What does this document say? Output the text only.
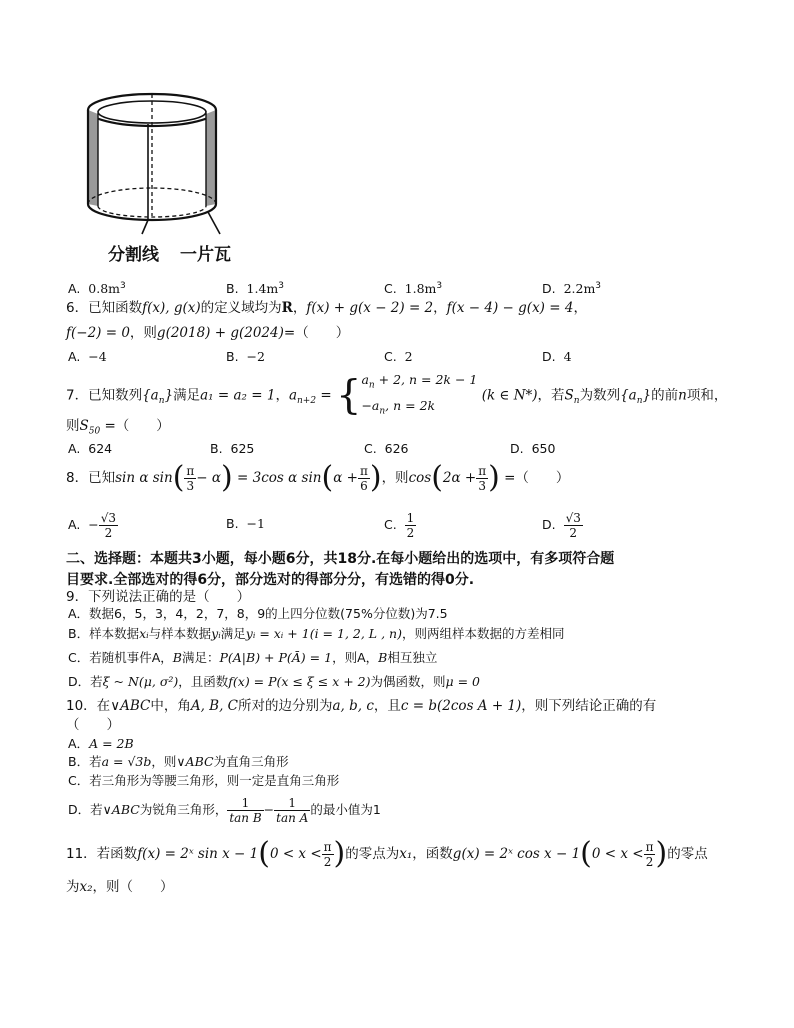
分割线 一片瓦
A. $0.8m^3$	B. $1.4m^3$	C. $1.8m^3$	D. $2.2m^3$
6．已知函数f(x), g(x)的定义域均为R，f(x) + g(x − 2) = 2，f(x − 4) − g(x) = 4，
f(−2) = 0，则g(2018) + g(2024)=（　　）
A. −4	B. −2	C. 2	D. 4
7．已知数列$\{a_n\}$满足a₁ = a₂ = 1，$a_{n+2}$ = { $a_n + 2$, n = 2k − 1
$-a_n$, n = 2k
(k ∈ N*)，若$S_n$为数列$\{a_n\}$的前n项和，
则$S_{50}$ =（　　）
A. 624	B. 625	C. 626	D. 650
8．已知sin α $\sin( \frac{\pi}{3} - \alpha) = 3\cos$ α $\sin(\alpha + \frac{\pi}{6}$ )，则$\cos(2\alpha + \frac{\pi}{3}$ ) =（　　）
A. − $\frac{√3}{2}$	B. −1	C. $\frac{1}{2}$	D. $\frac{√3}{2}$
二、选择题：本题共3小题，每小题6分，共18分.在每小题给出的选项中，有多项符合题
目要求.全部选对的得6分，部分选对的得部分分，有选错的得0分.
9．下列说法正确的是（　　）
A．数据6，5，3，4，2，7，8，9的上四分位数(75%分位数)为7.5
B．样本数据xᵢ与样本数据yᵢ满足yᵢ = xᵢ + 1(i = 1, 2, L , n)，则两组样本数据的方差相同
C．若随机事件A，B满足：P(A|B) + P(Ā) = 1，则A，B相互独立
D．若ξ ~ N(μ, σ²)，且函数f(x) = P(x ≤ ξ ≤ x + 2)为偶函数，则μ = 0
10．在∨ABC中，角A, B, C所对的边分别为a, b, c，且c = b(2cos A + 1)，则下列结论正确的有
（　　）
A．A = 2B
B．若a = √3b，则∨ABC为直角三角形
C．若三角形为等腰三角形，则一定是直角三角形
D．若∨ABC为锐角三角形， $\frac{1}{\text{tan B}} - \frac{1}{\text{tan A}}$ 的最小值为1
11．若函数f(x) = 2ˣ $\sin x - 1(0 < x < \frac{\pi}{2}$ )的零点为x₁，函数g(x) = 2ˣ $\cos x - 1(0 < x < \frac{\pi}{2}$ )的零点
为x₂，则（　　）
